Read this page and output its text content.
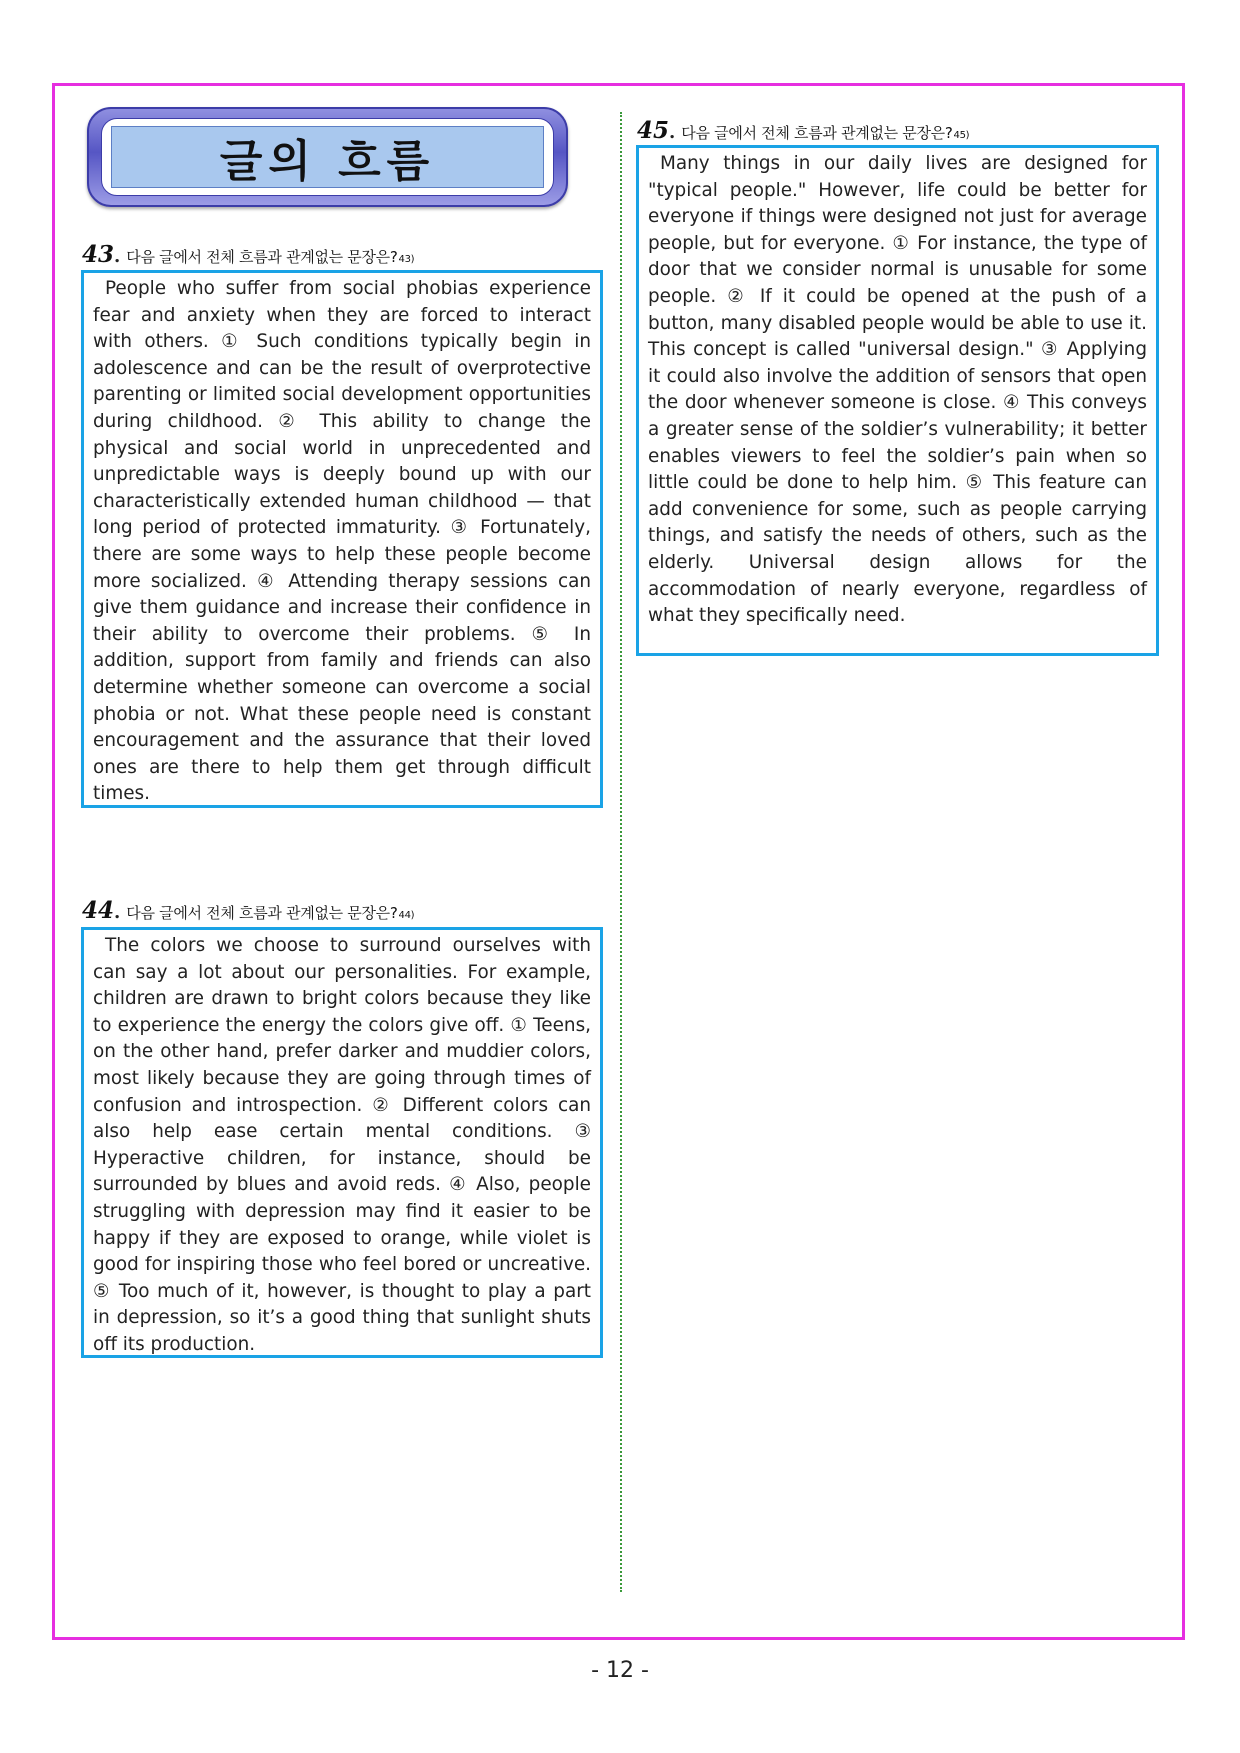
글의 흐름
43 . 다음 글에서 전체 흐름과 관계없는 문장은? 43)

People who suffer from social phobias experience fear and anxiety when they are forced to interact with others. ① Such conditions typically begin in adolescence and can be the result of overprotective parenting or limited social development opportunities during childhood. ② This ability to change the physical and social world in unprecedented and unpredictable ways is deeply bound up with our characteristically extended human childhood — that long period of protected immaturity. ③ Fortunately, there are some ways to help these people become more socialized. ④ Attending therapy sessions can give them guidance and increase their confidence in their ability to overcome their problems. ⑤ In addition, support from family and friends can also determine whether someone can overcome a social phobia or not. What these people need is constant encouragement and the assurance that their loved ones are there to help them get through difficult times.

44 . 다음 글에서 전체 흐름과 관계없는 문장은? 44)

The colors we choose to surround ourselves with can say a lot about our personalities. For example, children are drawn to bright colors because they like to experience the energy the colors give off. ① Teens, on the other hand, prefer darker and muddier colors, most likely because they are going through times of confusion and introspection. ② Different colors can also help ease certain mental conditions. ③ Hyperactive children, for instance, should be surrounded by blues and avoid reds. ④ Also, people struggling with depression may find it easier to be happy if they are exposed to orange, while violet is good for inspiring those who feel bored or uncreative. ⑤ Too much of it, however, is thought to play a part in depression, so it’s a good thing that sunlight shuts off its production.

45 . 다음 글에서 전체 흐름과 관계없는 문장은? 45)

Many things in our daily lives are designed for "typical people." However, life could be better for everyone if things were designed not just for average people, but for everyone. ① For instance, the type of door that we consider normal is unusable for some people. ② If it could be opened at the push of a button, many disabled people would be able to use it. This concept is called "universal design." ③ Applying it could also involve the addition of sensors that open the door whenever someone is close. ④ This conveys a greater sense of the soldier’s vulnerability; it better enables viewers to feel the soldier’s pain when so little could be done to help him. ⑤ This feature can add convenience for some, such as people carrying things, and satisfy the needs of others, such as the elderly. Universal design allows for the accommodation of nearly everyone, regardless of what they specifically need.

- 12 -
